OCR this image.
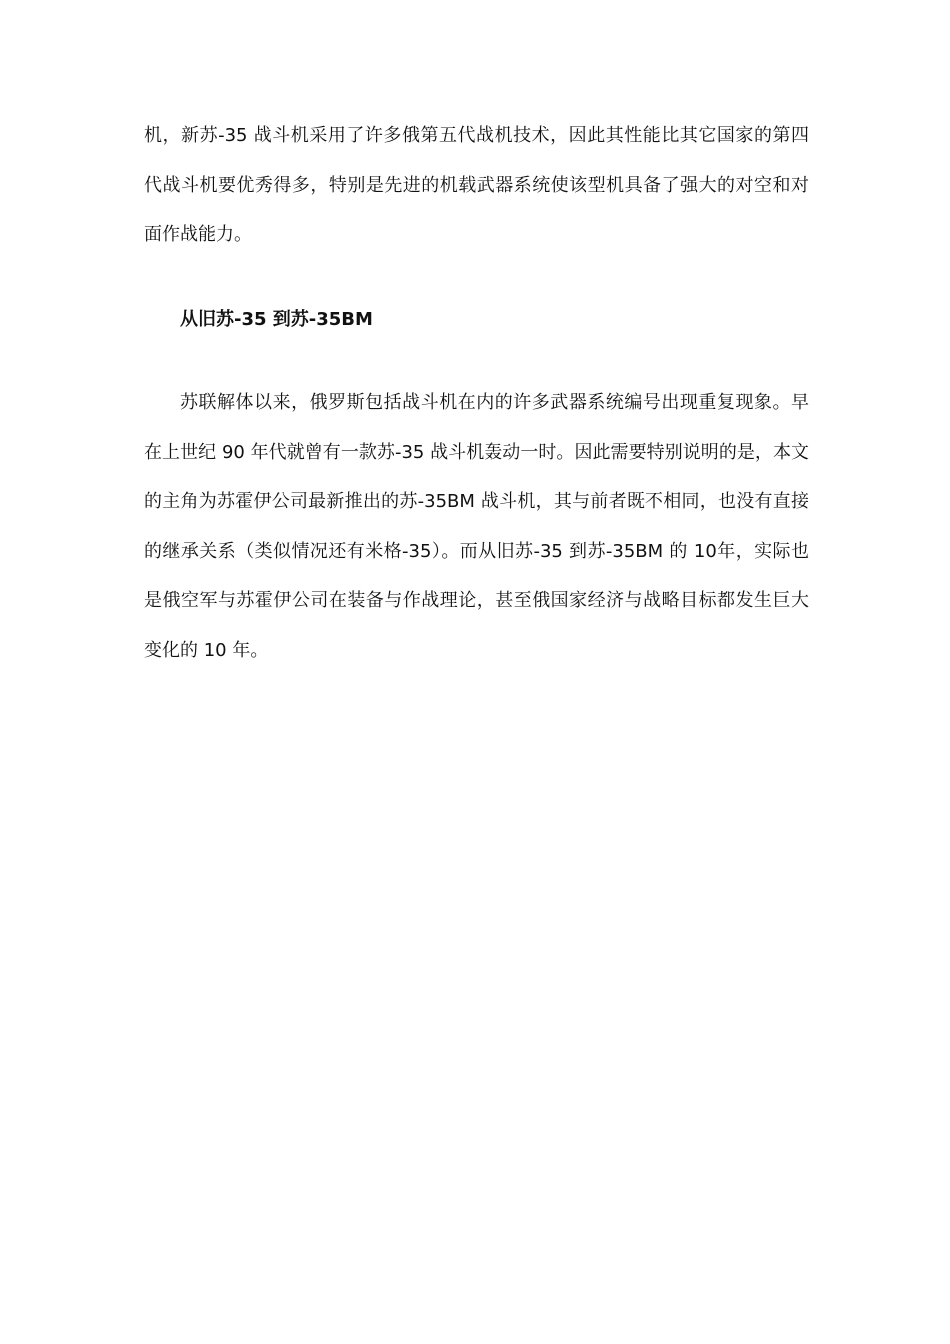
机，新苏-35 战斗机采用了许多俄第五代战机技术，因此其性能比其它国家的第四代战斗机要优秀得多，特别是先进的机载武器系统使该型机具备了强大的对空和对面作战能力。

从旧苏-35 到苏-35BM

苏联解体以来，俄罗斯包括战斗机在内的许多武器系统编号出现重复现象。早在上世纪 90 年代就曾有一款苏-35 战斗机轰动一时。因此需要特别说明的是，本文的主角为苏霍伊公司最新推出的苏-35BM 战斗机，其与前者既不相同，也没有直接的继承关系（类似情况还有米格-35）。而从旧苏-35 到苏-35BM 的 10年，实际也是俄空军与苏霍伊公司在装备与作战理论，甚至俄国家经济与战略目标都发生巨大变化的 10 年。
